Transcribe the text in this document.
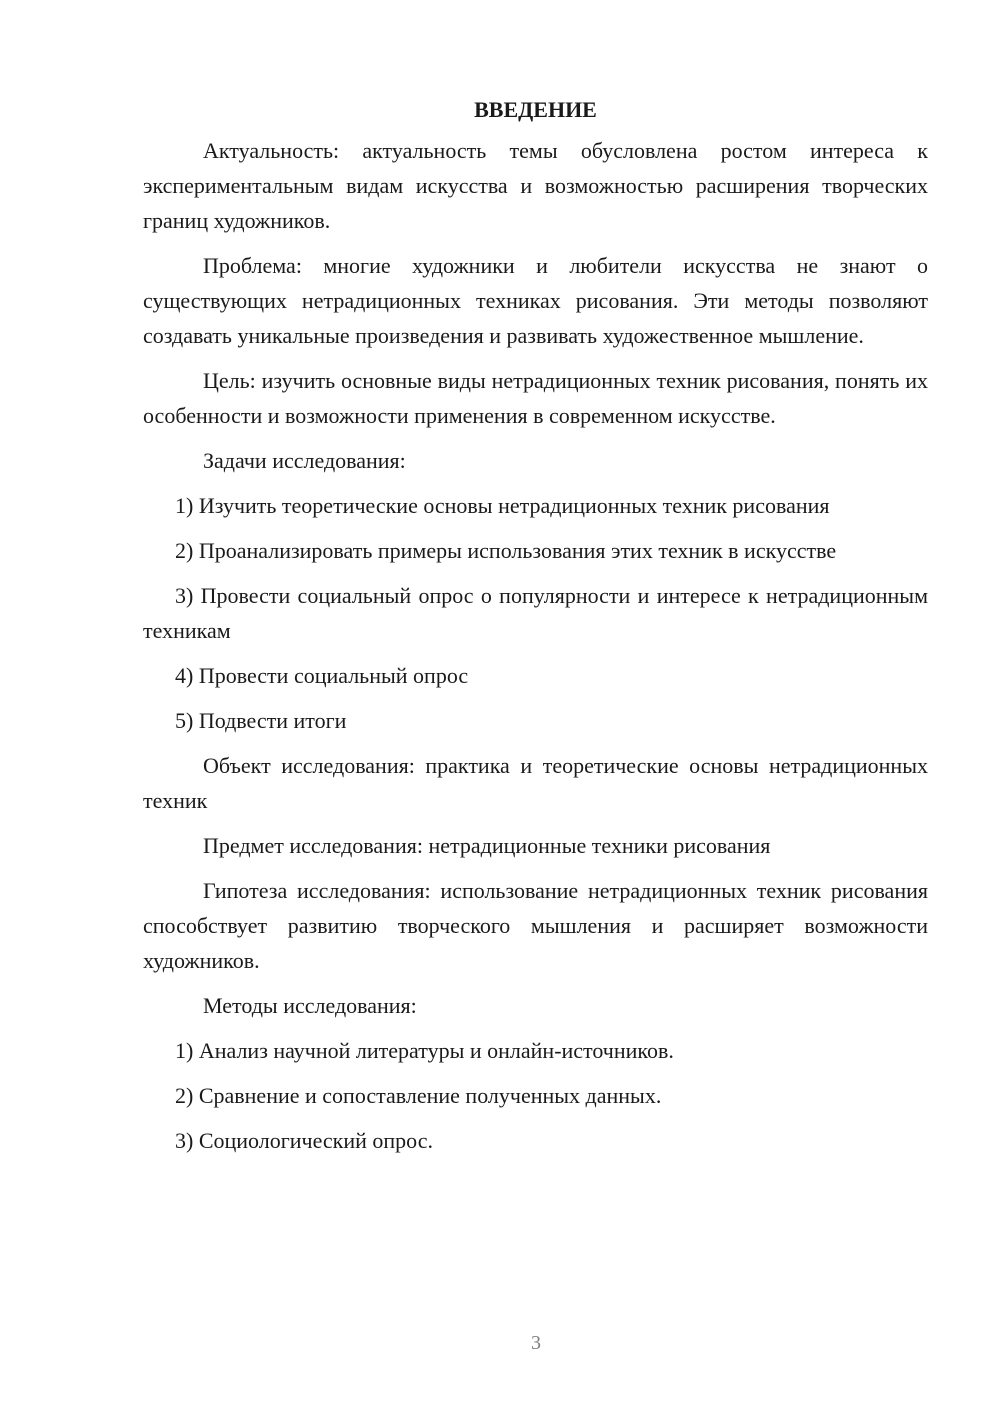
ВВЕДЕНИЕ

Актуальность: актуальность темы обусловлена ростом интереса к экспериментальным видам искусства и возможностью расширения творческих границ художников.

Проблема: многие художники и любители искусства не знают о существующих нетрадиционных техниках рисования. Эти методы позволяют создавать уникальные произведения и развивать художественное мышление.

Цель: изучить основные виды нетрадиционных техник рисования, понять их особенности и возможности применения в современном искусстве.

Задачи исследования:

1) Изучить теоретические основы нетрадиционных техник рисования

2) Проанализировать примеры использования этих техник в искусстве

3) Провести социальный опрос о популярности и интересе к нетрадиционным техникам

4) Провести социальный опрос

5) Подвести итоги

Объект исследования: практика и теоретические основы нетрадиционных техник

Предмет исследования: нетрадиционные техники рисования

Гипотеза исследования: использование нетрадиционных техник рисования способствует развитию творческого мышления и расширяет возможности художников.

Методы исследования:

1) Анализ научной литературы и онлайн-источников.

2) Сравнение и сопоставление полученных данных.

3) Социологический опрос.

3
